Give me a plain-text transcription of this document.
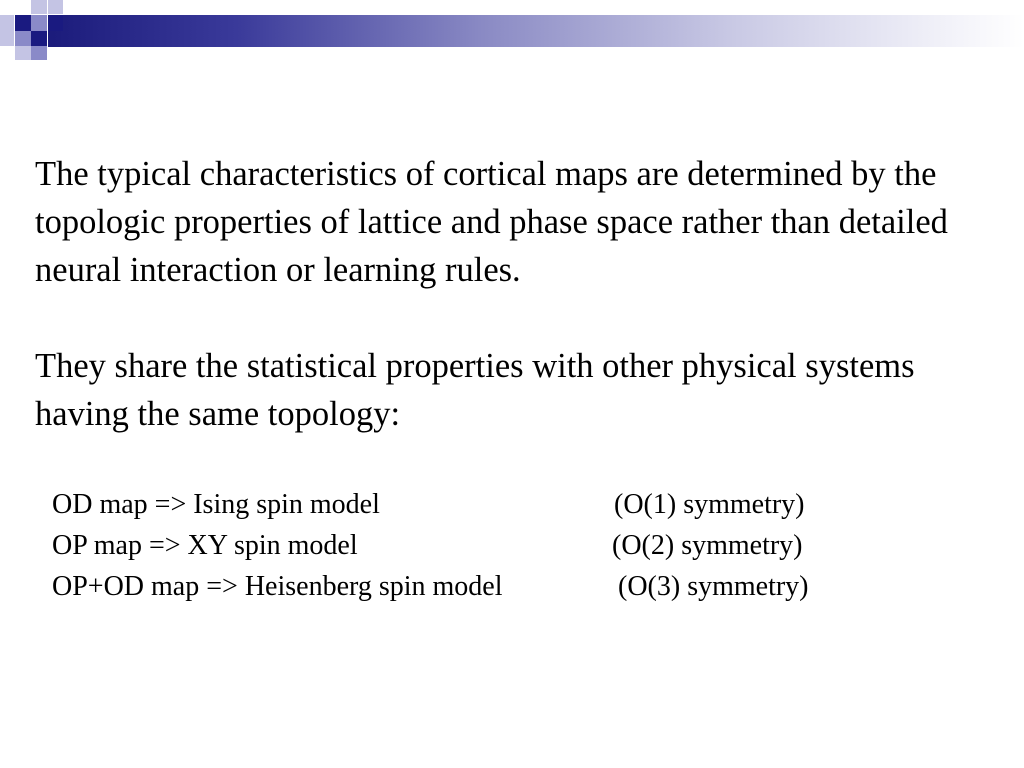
The typical characteristics of cortical maps are determined by the topologic properties of lattice and phase space rather than detailed neural interaction or learning rules.

They share the statistical properties with other physical systems having the same topology:

OD map => Ising spin model	(O(1) symmetry)
OP map => XY spin model	(O(2) symmetry)
OP+OD map => Heisenberg spin model	(O(3) symmetry)
